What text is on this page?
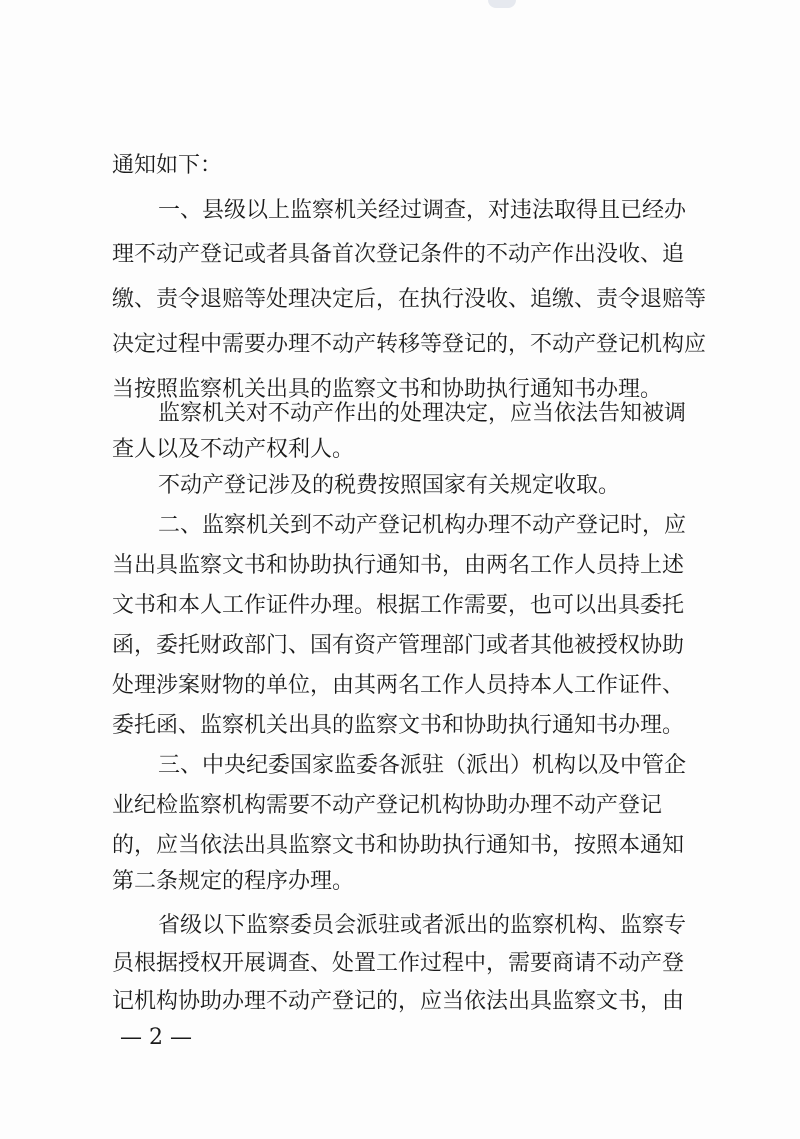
通知如下：

一、县级以上监察机关经过调查，对违法取得且已经办

理不动产登记或者具备首次登记条件的不动产作出没收、追

缴、责令退赔等处理决定后，在执行没收、追缴、责令退赔等

决定过程中需要办理不动产转移等登记的，不动产登记机构应

当按照监察机关出具的监察文书和协助执行通知书办理。

监察机关对不动产作出的处理决定，应当依法告知被调

查人以及不动产权利人。

不动产登记涉及的税费按照国家有关规定收取。

二、监察机关到不动产登记机构办理不动产登记时，应

当出具监察文书和协助执行通知书，由两名工作人员持上述

文书和本人工作证件办理。根据工作需要，也可以出具委托

函，委托财政部门、国有资产管理部门或者其他被授权协助

处理涉案财物的单位，由其两名工作人员持本人工作证件、

委托函、监察机关出具的监察文书和协助执行通知书办理。

三、中央纪委国家监委各派驻（派出）机构以及中管企

业纪检监察机构需要不动产登记机构协助办理不动产登记

的，应当依法出具监察文书和协助执行通知书，按照本通知

第二条规定的程序办理。

省级以下监察委员会派驻或者派出的监察机构、监察专

员根据授权开展调查、处置工作过程中，需要商请不动产登

记机构协助办理不动产登记的，应当依法出具监察文书，由

— 2 —
